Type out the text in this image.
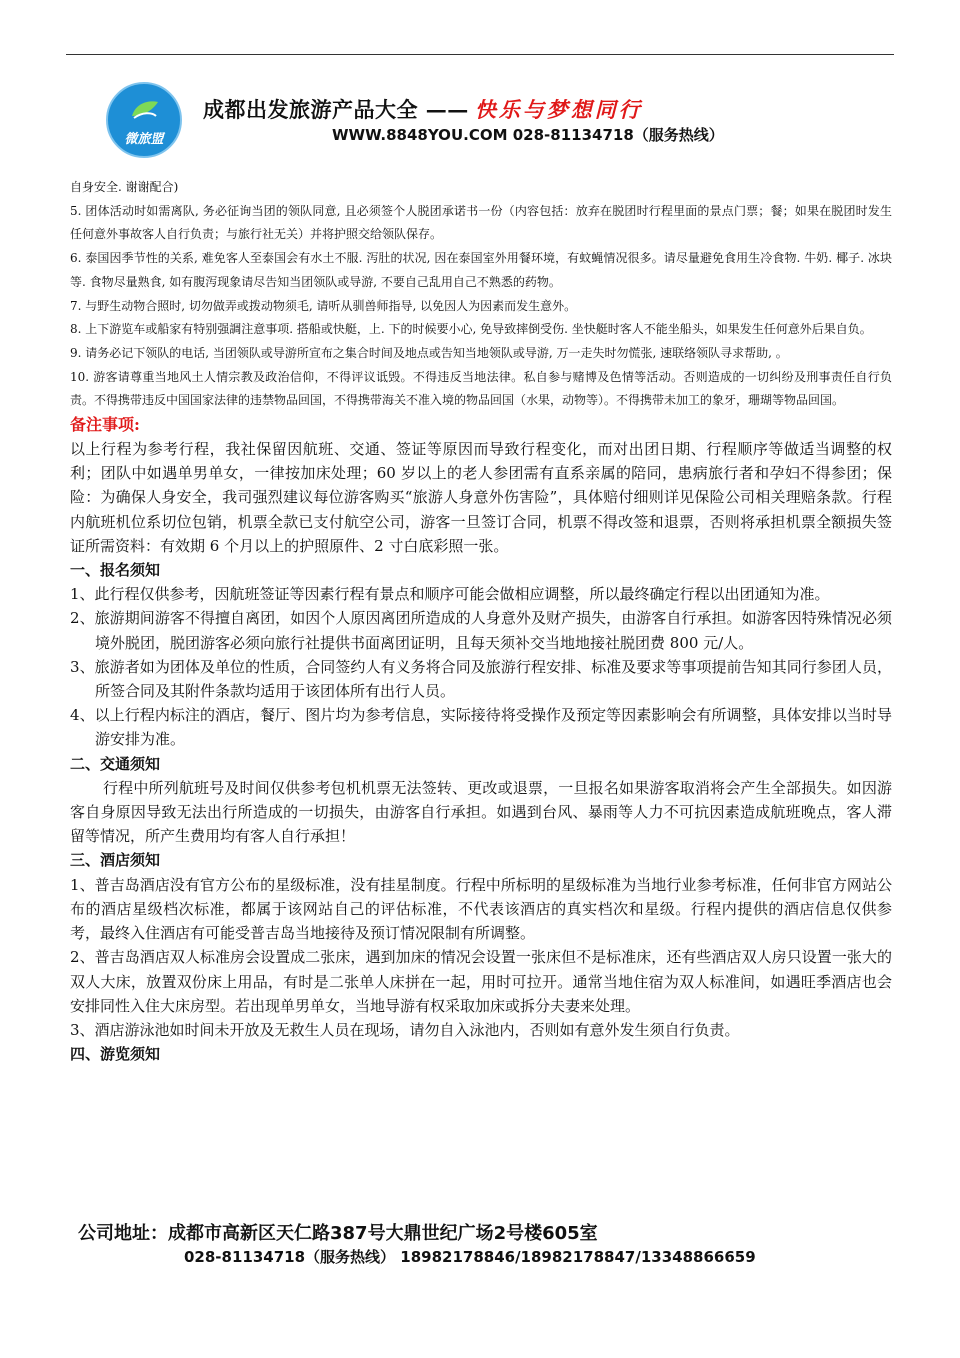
微旅盟
成都出发旅游产品大全 —— 快乐与梦想同行
WWW.8848YOU.COM 028-81134718（服务热线）

自身安全. 谢谢配合)

5. 团体活动时如需离队, 务必征询当团的领队同意, 且必须签个人脱团承诺书一份（内容包括：放弃在脱团时行程里面的景点门票；餐；如果在脱团时发生任何意外事故客人自行负责；与旅行社无关）并将护照交给领队保存。

6. 泰国因季节性的关系, 难免客人至泰国会有水土不服. 泻肚的状况, 因在泰国室外用餐环境，有蚊蝇情况很多。请尽量避免食用生冷食物. 牛奶. 椰子. 冰块等. 食物尽量熟食, 如有腹泻现象请尽告知当团领队或导游, 不要自己乱用自己不熟悉的药物。

7. 与野生动物合照时, 切勿做弄或拨动物须毛, 请听从驯兽师指导, 以免因人为因素而发生意外。

8. 上下游览车或船家有特别强調注意事项. 搭船或快艇，上. 下的时候要小心, 免导致摔倒受伤. 坐快艇时客人不能坐船头，如果发生任何意外后果自负。

9. 请务必记下领队的电话, 当团领队或导游所宣布之集合时间及地点或告知当地领队或导游, 万一走失时勿慌张, 速联络领队寻求帮助, 。

10. 游客请尊重当地风土人情宗教及政治信仰，不得评议诋毁。不得违反当地法律。私自参与赌博及色情等活动。否则造成的一切纠纷及刑事责任自行负责。不得携带违反中国国家法律的违禁物品回国，不得携带海关不准入境的物品回国（水果，动物等）。不得携带未加工的象牙，珊瑚等物品回国。

备注事项:

以上行程为参考行程，我社保留因航班、交通、签证等原因而导致行程变化，而对出团日期、行程顺序等做适当调整的权利；团队中如遇单男单女，一律按加床处理；60 岁以上的老人参团需有直系亲属的陪同，患病旅行者和孕妇不得参团；保险：为确保人身安全，我司强烈建议每位游客购买“旅游人身意外伤害险”，具体赔付细则详见保险公司相关理赔条款。行程内航班机位系切位包销，机票全款已支付航空公司，游客一旦签订合同，机票不得改签和退票，否则将承担机票全额损失签证所需资料：有效期 6 个月以上的护照原件、2 寸白底彩照一张。

一、报名须知

1、此行程仅供参考，因航班签证等因素行程有景点和顺序可能会做相应调整，所以最终确定行程以出团通知为准。

2、旅游期间游客不得擅自离团，如因个人原因离团所造成的人身意外及财产损失，由游客自行承担。如游客因特殊情况必须境外脱团，脱团游客必须向旅行社提供书面离团证明，且每天须补交当地地接社脱团费 800 元/人。

3、旅游者如为团体及单位的性质，合同签约人有义务将合同及旅游行程安排、标准及要求等事项提前告知其同行参团人员，所签合同及其附件条款均适用于该团体所有出行人员。

4、以上行程内标注的酒店，餐厅、图片均为参考信息，实际接待将受操作及预定等因素影响会有所调整，具体安排以当时导游安排为准。

二、交通须知

行程中所列航班号及时间仅供参考包机机票无法签转、更改或退票，一旦报名如果游客取消将会产生全部损失。如因游客自身原因导致无法出行所造成的一切损失，由游客自行承担。如遇到台风、暴雨等人力不可抗因素造成航班晚点，客人滞留等情况，所产生费用均有客人自行承担！

三、酒店须知

1、普吉岛酒店没有官方公布的星级标准，没有挂星制度。行程中所标明的星级标准为当地行业参考标准，任何非官方网站公布的酒店星级档次标准，都属于该网站自己的评估标准，不代表该酒店的真实档次和星级。行程内提供的酒店信息仅供参考，最终入住酒店有可能受普吉岛当地接待及预订情况限制有所调整。

2、普吉岛酒店双人标准房会设置成二张床，遇到加床的情况会设置一张床但不是标准床，还有些酒店双人房只设置一张大的双人大床，放置双份床上用品，有时是二张单人床拼在一起，用时可拉开。通常当地住宿为双人标准间，如遇旺季酒店也会安排同性入住大床房型。若出现单男单女，当地导游有权采取加床或拆分夫妻来处理。

3、酒店游泳池如时间未开放及无救生人员在现场，请勿自入泳池内，否则如有意外发生须自行负责。

四、游览须知

公司地址：成都市高新区天仁路387号大鼎世纪广场2号楼605室
028-81134718（服务热线） 18982178846/18982178847/13348866659
